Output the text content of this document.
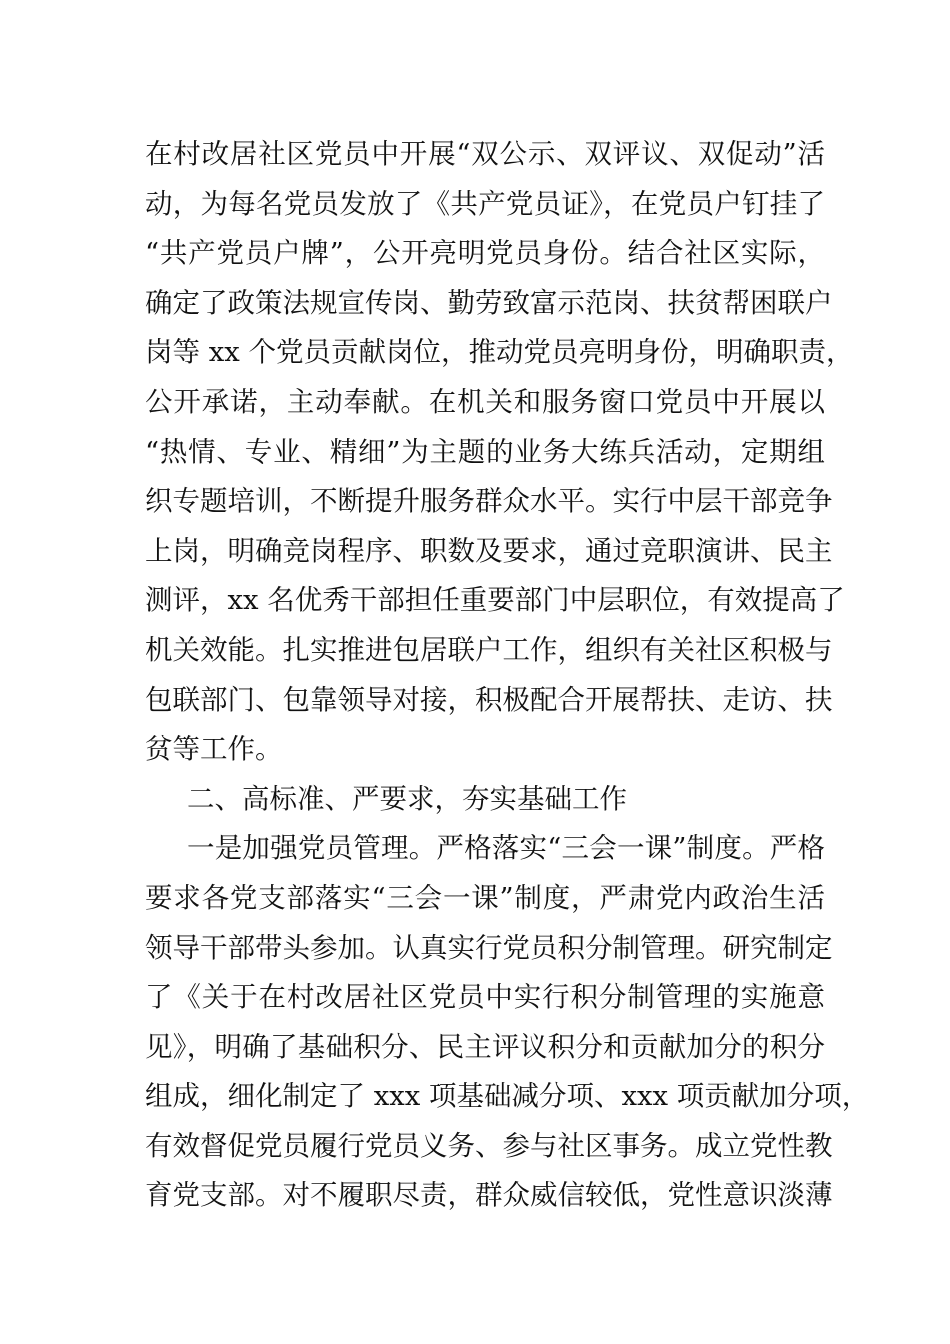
在村改居社区党员中开展“双公示、双评议、双促动”活
动，为每名党员发放了《共产党员证》，在党员户钉挂了
“共产党员户牌”，公开亮明党员身份。结合社区实际，
确定了政策法规宣传岗、勤劳致富示范岗、扶贫帮困联户
岗等 xx 个党员贡献岗位，推动党员亮明身份，明确职责，
公开承诺，主动奉献。在机关和服务窗口党员中开展以
“热情、专业、精细”为主题的业务大练兵活动，定期组
织专题培训，不断提升服务群众水平。实行中层干部竞争
上岗，明确竞岗程序、职数及要求，通过竞职演讲、民主
测评，xx 名优秀干部担任重要部门中层职位，有效提高了
机关效能。扎实推进包居联户工作，组织有关社区积极与
包联部门、包靠领导对接，积极配合开展帮扶、走访、扶
贫等工作。
二、高标准、严要求，夯实基础工作
一是加强党员管理。严格落实“三会一课”制度。严格
要求各党支部落实“三会一课”制度，严肃党内政治生活
领导干部带头参加。认真实行党员积分制管理。研究制定
了《关于在村改居社区党员中实行积分制管理的实施意
见》，明确了基础积分、民主评议积分和贡献加分的积分
组成，细化制定了 xxx 项基础减分项、xxx 项贡献加分项，
有效督促党员履行党员义务、参与社区事务。成立党性教
育党支部。对不履职尽责，群众威信较低，党性意识淡薄
